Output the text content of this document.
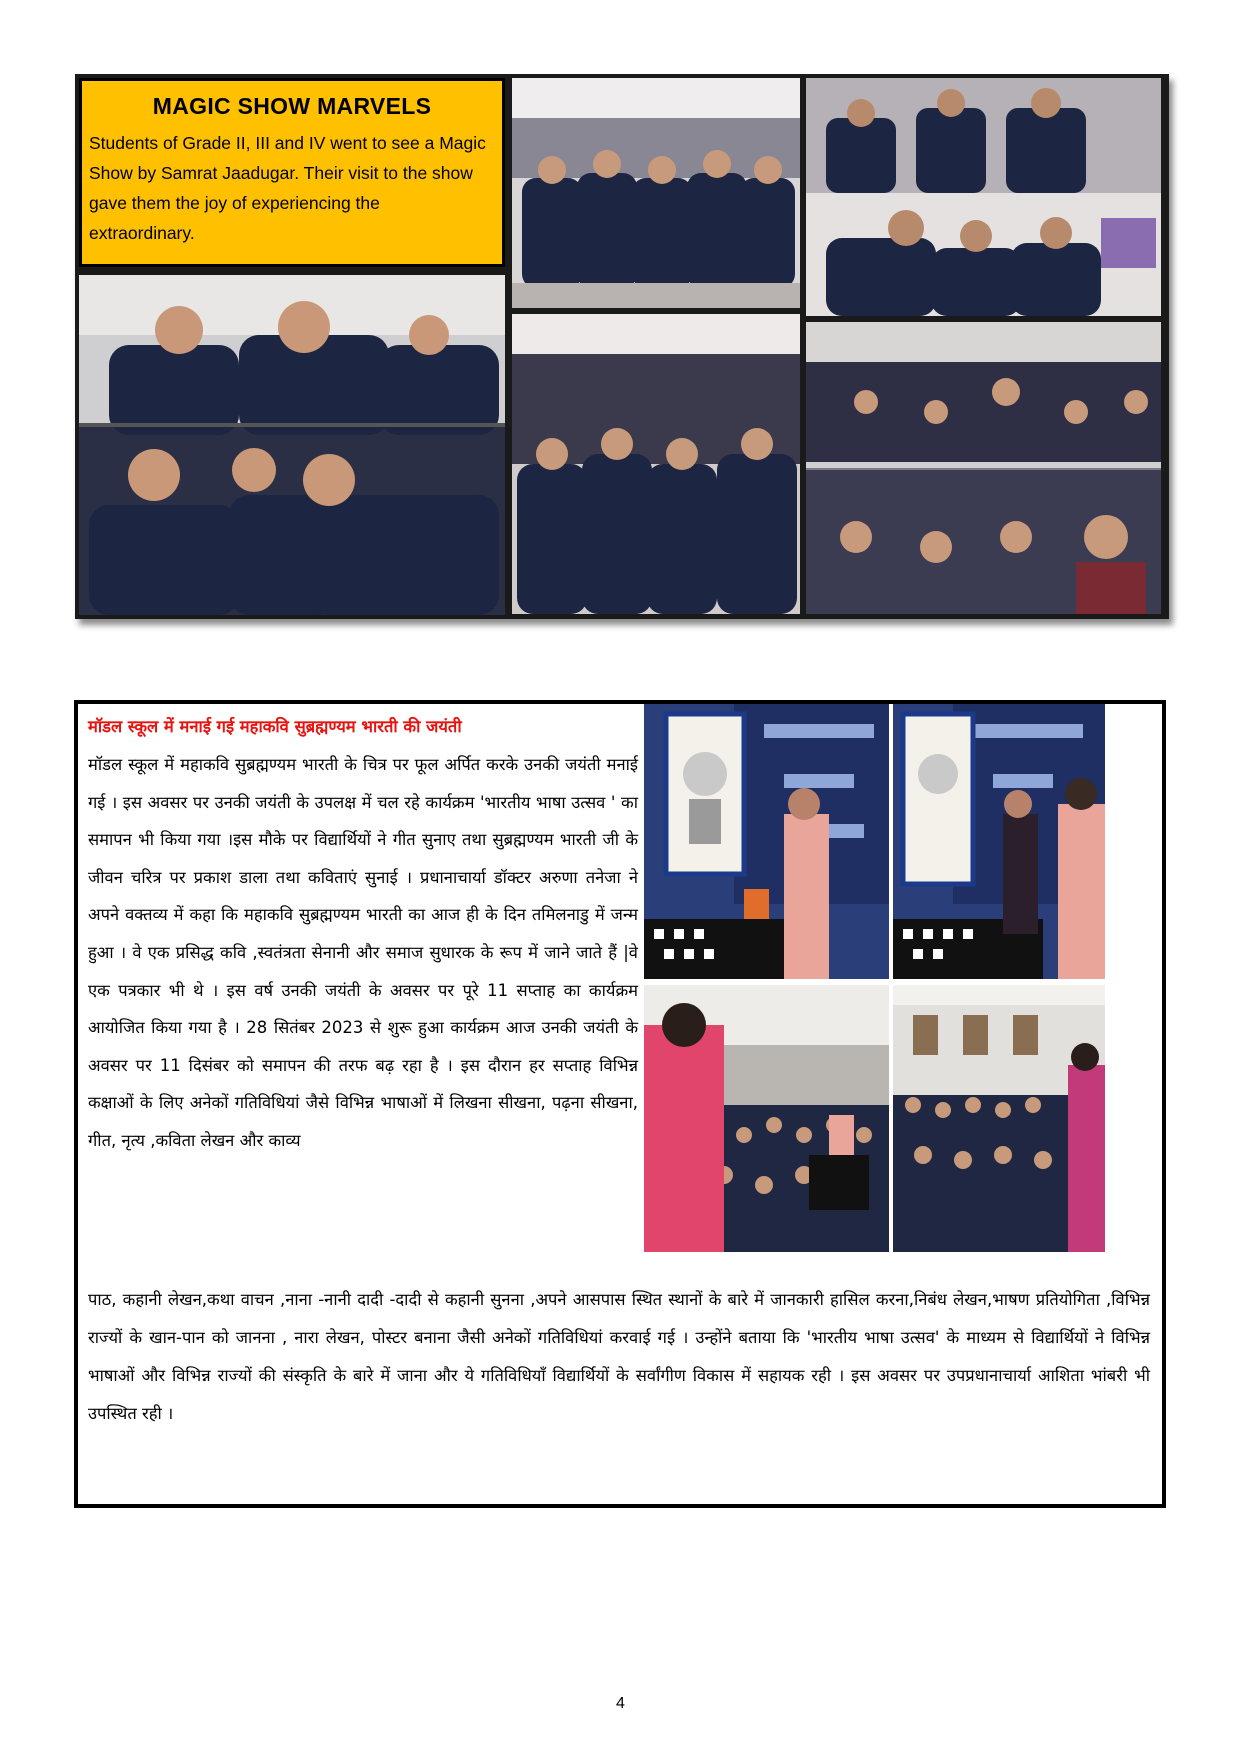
MAGIC SHOW MARVELS

Students of Grade II, III and IV went to see a Magic Show by Samrat Jaadugar. Their visit to the show gave them the joy of experiencing the extraordinary.

मॉडल स्कूल में मनाई गई महाकवि सुब्रह्मण्यम भारती की जयंती
मॉडल स्कूल में महाकवि सुब्रह्मण्यम भारती के चित्र पर फूल अर्पित करके उनकी जयंती मनाई गई । इस अवसर पर उनकी जयंती के उपलक्ष में चल रहे कार्यक्रम 'भारतीय भाषा उत्सव ' का समापन भी किया गया ।इस मौके पर विद्यार्थियों ने गीत सुनाए तथा सुब्रह्मण्यम भारती जी के जीवन चरित्र पर प्रकाश डाला तथा कविताएं सुनाई । प्रधानाचार्या डॉक्टर अरुणा तनेजा ने अपने वक्तव्य में कहा कि महाकवि सुब्रह्मण्यम भारती का आज ही के दिन तमिलनाडु में जन्म हुआ । वे एक प्रसिद्ध कवि ,स्वतंत्रता सेनानी और समाज सुधारक के रूप में जाने जाते हैं |वे एक पत्रकार भी थे । इस वर्ष उनकी जयंती के अवसर पर पूरे 11 सप्ताह का कार्यक्रम आयोजित किया गया है । 28 सितंबर 2023 से शुरू हुआ कार्यक्रम आज उनकी जयंती के अवसर पर 11 दिसंबर को समापन की तरफ बढ़ रहा है । इस दौरान हर सप्ताह विभिन्न कक्षाओं के लिए अनेकों गतिविधियां जैसे विभिन्न भाषाओं में लिखना सीखना, पढ़ना सीखना, गीत, नृत्य ,कविता लेखन और काव्य
पाठ, कहानी लेखन,कथा वाचन ,नाना -नानी दादी -दादी से कहानी सुनना ,अपने आसपास स्थित स्थानों के बारे में जानकारी हासिल करना,निबंध लेखन,भाषण प्रतियोगिता ,विभिन्न राज्यों के खान-पान को जानना , नारा लेखन, पोस्टर बनाना जैसी अनेकों गतिविधियां करवाई गई । उन्होंने बताया कि 'भारतीय भाषा उत्सव' के माध्यम से विद्यार्थियों ने विभिन्न भाषाओं और विभिन्न राज्यों की संस्कृति के बारे में जाना और ये गतिविधियाँ विद्यार्थियों के सर्वांगीण विकास में सहायक रही । इस अवसर पर उपप्रधानाचार्या आशिता भांबरी भी उपस्थित रही ।
4
